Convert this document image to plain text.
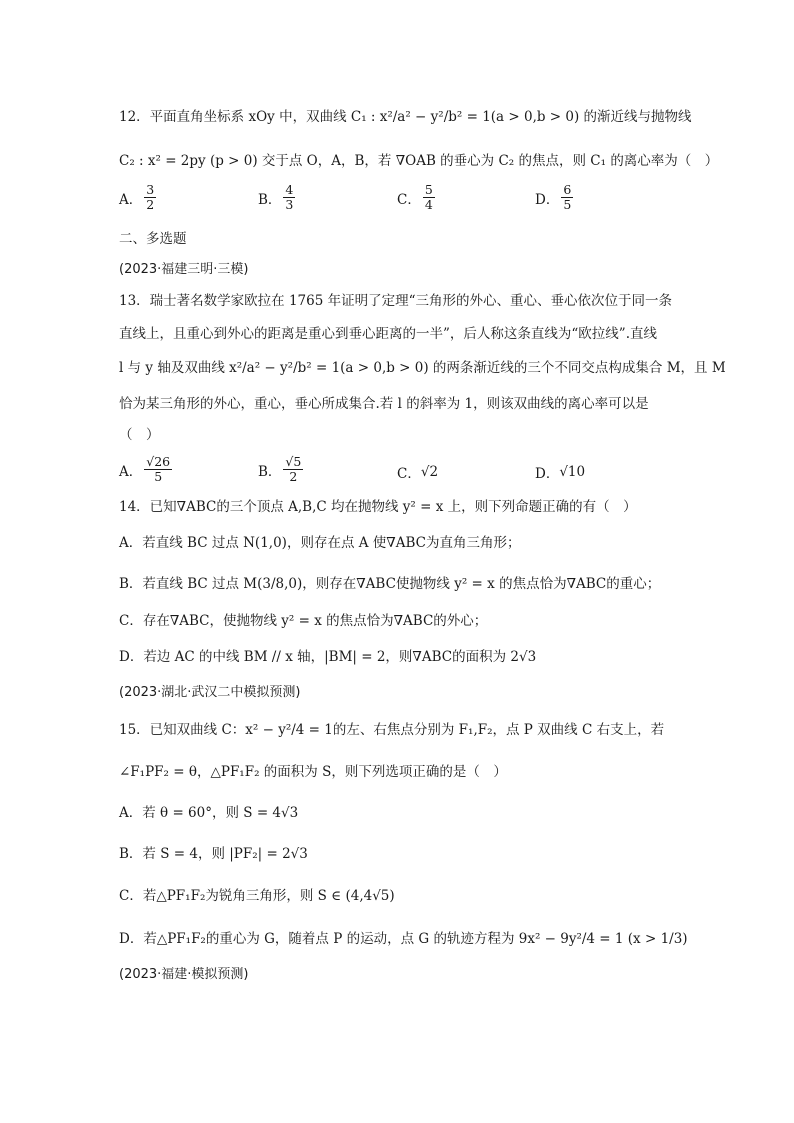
12．平面直角坐标系 xOy 中，双曲线 C₁ : x²/a² − y²/b² = 1(a > 0,b > 0) 的渐近线与抛物线
C₂ : x² = 2py (p > 0) 交于点 O，A，B，若 ∇OAB 的垂心为 C₂ 的焦点，则 C₁ 的离心率为（　）
A． $\frac{3}{2}$	B． $\frac{4}{3}$	C． $\frac{5}{4}$	D． $\frac{6}{5}$
二、多选题
(2023·福建三明·三模)
13．瑞士著名数学家欧拉在 1765 年证明了定理“三角形的外心、重心、垂心依次位于同一条
直线上，且重心到外心的距离是重心到垂心距离的一半”，后人称这条直线为“欧拉线”.直线
l 与 y 轴及双曲线 x²/a² − y²/b² = 1(a > 0,b > 0) 的两条渐近线的三个不同交点构成集合 M，且 M
恰为某三角形的外心，重心，垂心所成集合.若 l 的斜率为 1，则该双曲线的离心率可以是
（　）
A． $\frac{√26}{5}$	B． $\frac{√5}{2}$	C． √2	D． √10
14．已知∇ABC的三个顶点 A,B,C 均在抛物线 y² = x 上，则下列命题正确的有（　）
A．若直线 BC 过点 N(1,0)，则存在点 A 使∇ABC为直角三角形；
B．若直线 BC 过点 M(3/8,0)，则存在∇ABC使抛物线 y² = x 的焦点恰为∇ABC的重心；
C．存在∇ABC，使抛物线 y² = x 的焦点恰为∇ABC的外心；
D．若边 AC 的中线 BM // x 轴，|BM| = 2，则∇ABC的面积为 2√3
(2023·湖北·武汉二中模拟预测)
15．已知双曲线 C：x² − y²/4 = 1的左、右焦点分别为 F₁,F₂，点 P 双曲线 C 右支上，若
∠F₁PF₂ = θ，△PF₁F₂ 的面积为 S，则下列选项正确的是（　）
A．若 θ = 60°，则 S = 4√3
B．若 S = 4，则 |PF₂| = 2√3
C．若△PF₁F₂为锐角三角形，则 S ∈ (4,4√5)
D．若△PF₁F₂的重心为 G，随着点 P 的运动，点 G 的轨迹方程为 9x² − 9y²/4 = 1 (x > 1/3)
(2023·福建·模拟预测)
